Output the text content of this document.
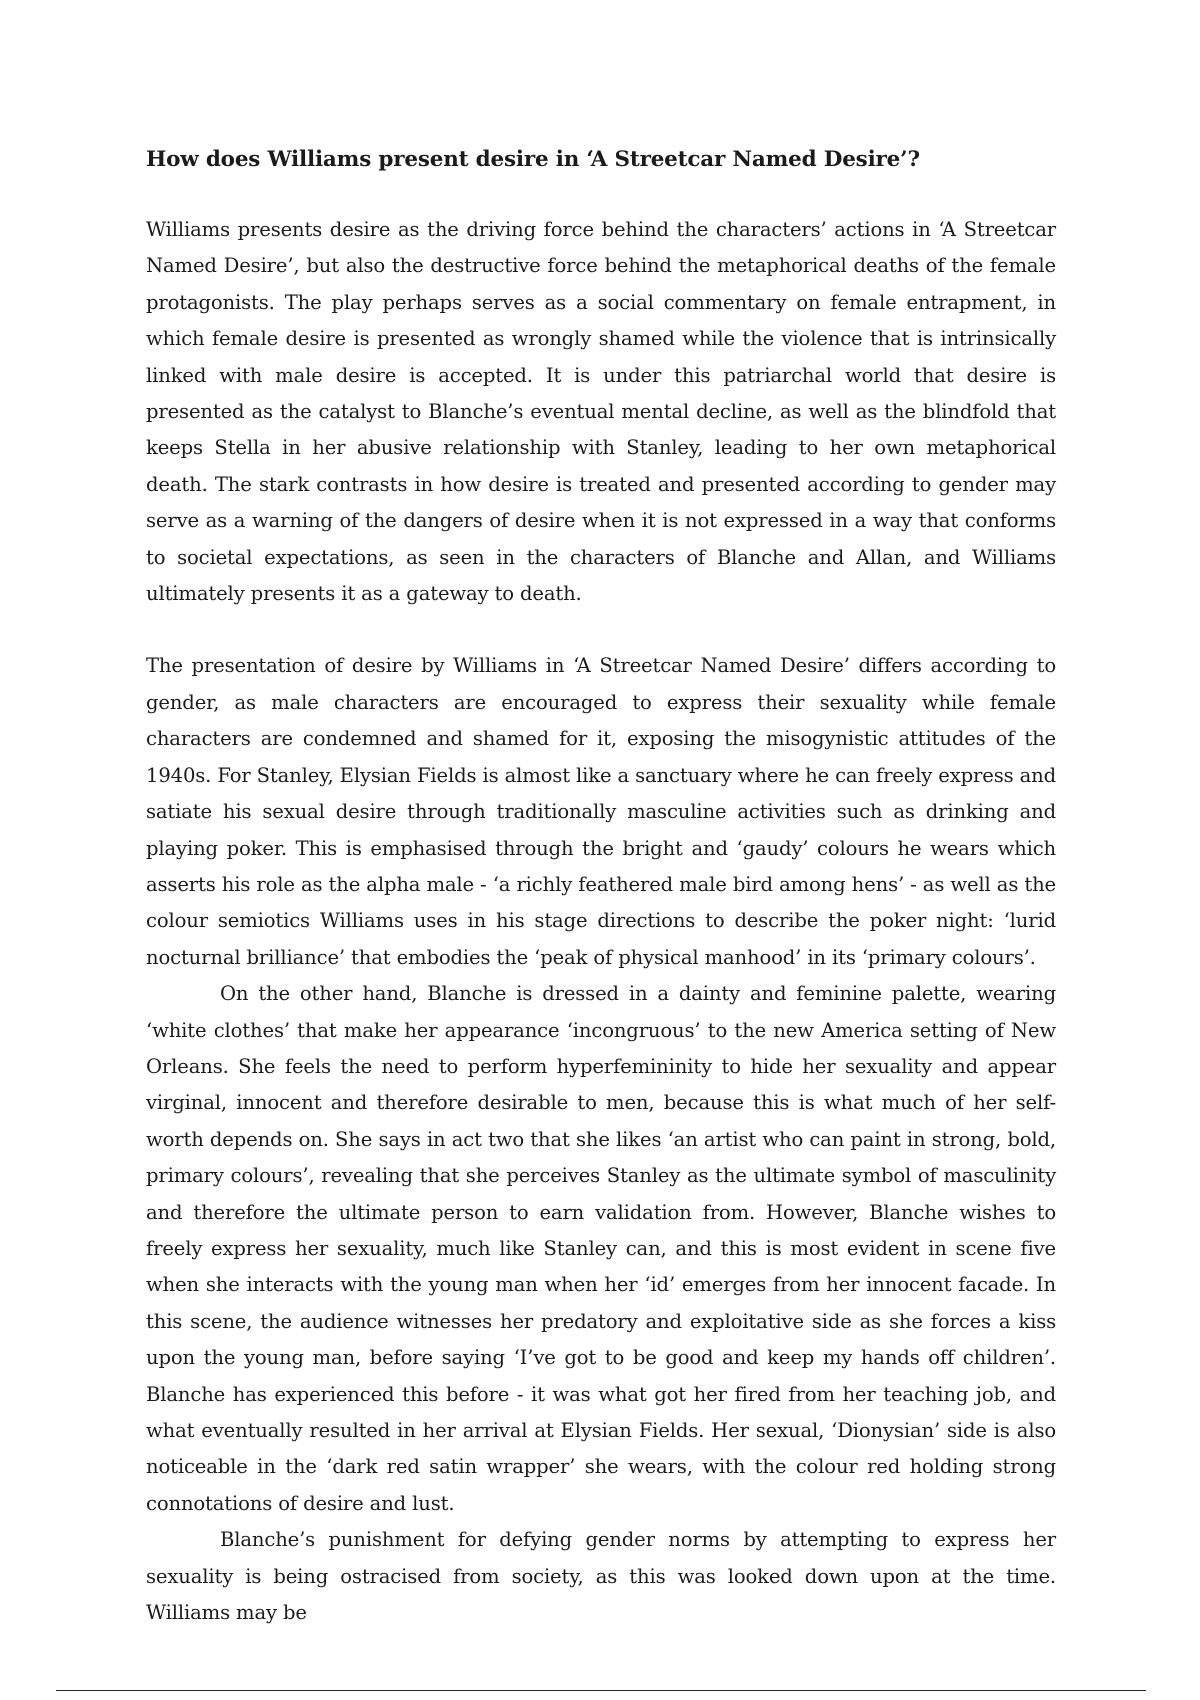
How does Williams present desire in ‘A Streetcar Named Desire’?

Williams presents desire as the driving force behind the characters’ actions in ‘A Streetcar Named Desire’, but also the destructive force behind the metaphorical deaths of the female protagonists. The play perhaps serves as a social commentary on female entrapment, in which female desire is presented as wrongly shamed while the violence that is intrinsically linked with male desire is accepted. It is under this patriarchal world that desire is presented as the catalyst to Blanche’s eventual mental decline, as well as the blindfold that keeps Stella in her abusive relationship with Stanley, leading to her own metaphorical death. The stark contrasts in how desire is treated and presented according to gender may serve as a warning of the dangers of desire when it is not expressed in a way that conforms to societal expectations, as seen in the characters of Blanche and Allan, and Williams ultimately presents it as a gateway to death.

The presentation of desire by Williams in ‘A Streetcar Named Desire’ differs according to gender, as male characters are encouraged to express their sexuality while female characters are condemned and shamed for it, exposing the misogynistic attitudes of the 1940s. For Stanley, Elysian Fields is almost like a sanctuary where he can freely express and satiate his sexual desire through traditionally masculine activities such as drinking and playing poker. This is emphasised through the bright and ‘gaudy’ colours he wears which asserts his role as the alpha male - ‘a richly feathered male bird among hens’ - as well as the colour semiotics Williams uses in his stage directions to describe the poker night: ‘lurid nocturnal brilliance’ that embodies the ‘peak of physical manhood’ in its ‘primary colours’.

On the other hand, Blanche is dressed in a dainty and feminine palette, wearing ‘white clothes’ that make her appearance ‘incongruous’ to the new America setting of New Orleans. She feels the need to perform hyperfemininity to hide her sexuality and appear virginal, innocent and therefore desirable to men, because this is what much of her self-worth depends on. She says in act two that she likes ‘an artist who can paint in strong, bold, primary colours’, revealing that she perceives Stanley as the ultimate symbol of masculinity and therefore the ultimate person to earn validation from. However, Blanche wishes to freely express her sexuality, much like Stanley can, and this is most evident in scene five when she interacts with the young man when her ‘id’ emerges from her innocent facade. In this scene, the audience witnesses her predatory and exploitative side as she forces a kiss upon the young man, before saying ‘I’ve got to be good and keep my hands off children’. Blanche has experienced this before - it was what got her fired from her teaching job, and what eventually resulted in her arrival at Elysian Fields. Her sexual, ‘Dionysian’ side is also noticeable in the ‘dark red satin wrapper’ she wears, with the colour red holding strong connotations of desire and lust.

Blanche’s punishment for defying gender norms by attempting to express her sexuality is being ostracised from society, as this was looked down upon at the time. Williams may be
